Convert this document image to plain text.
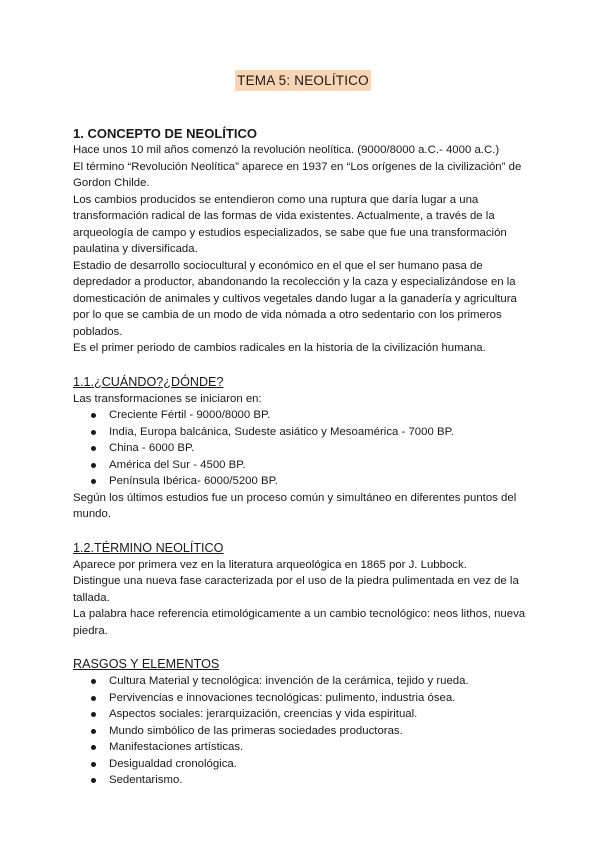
TEMA 5: NEOLÍTICO
1. CONCEPTO DE NEOLÍTICO

Hace unos 10 mil años comenzó la revolución neolítica. (9000/8000 a.C.- 4000 a.C.)

El término “Revolución Neolítica” aparece en 1937 en “Los orígenes de la civilización” de Gordon Childe.

Los cambios producidos se entendieron como una ruptura que daría lugar a una transformación radical de las formas de vida existentes. Actualmente, a través de la arqueología de campo y estudios especializados, se sabe que fue una transformación paulatina y diversificada.

Estadio de desarrollo sociocultural y económico en el que el ser humano pasa de depredador a productor, abandonando la recolección y la caza y especializándose en la domesticación de animales y cultivos vegetales dando lugar a la ganadería y agricultura por lo que se cambia de un modo de vida nómada a otro sedentario con los primeros poblados.

Es el primer periodo de cambios radicales en la historia de la civilización humana.

1.1.¿CUÁNDO?¿DÓNDE?

Las transformaciones se iniciaron en:

Creciente Fértil - 9000/8000 BP.
India, Europa balcánica, Sudeste asiático y Mesoamérica - 7000 BP.
China - 6000 BP.
América del Sur - 4500 BP.
Península Ibérica- 6000/5200 BP.

Según los últimos estudios fue un proceso común y simultáneo en diferentes puntos del mundo.

1.2.TÉRMINO NEOLÍTICO

Aparece por primera vez en la literatura arqueológica en 1865 por J. Lubbock.

Distingue una nueva fase caracterizada por el uso de la piedra pulimentada en vez de la tallada.

La palabra hace referencia etimológicamente a un cambio tecnológico: neos lithos, nueva piedra.

RASGOS Y ELEMENTOS
Cultura Material y tecnológica: invención de la cerámica, tejido y rueda.
Pervivencias e innovaciones tecnológicas: pulimento, industria ósea.
Aspectos sociales: jerarquización, creencias y vida espiritual.
Mundo simbólico de las primeras sociedades productoras.
Manifestaciones artísticas.
Desigualdad cronológica.
Sedentarismo.
